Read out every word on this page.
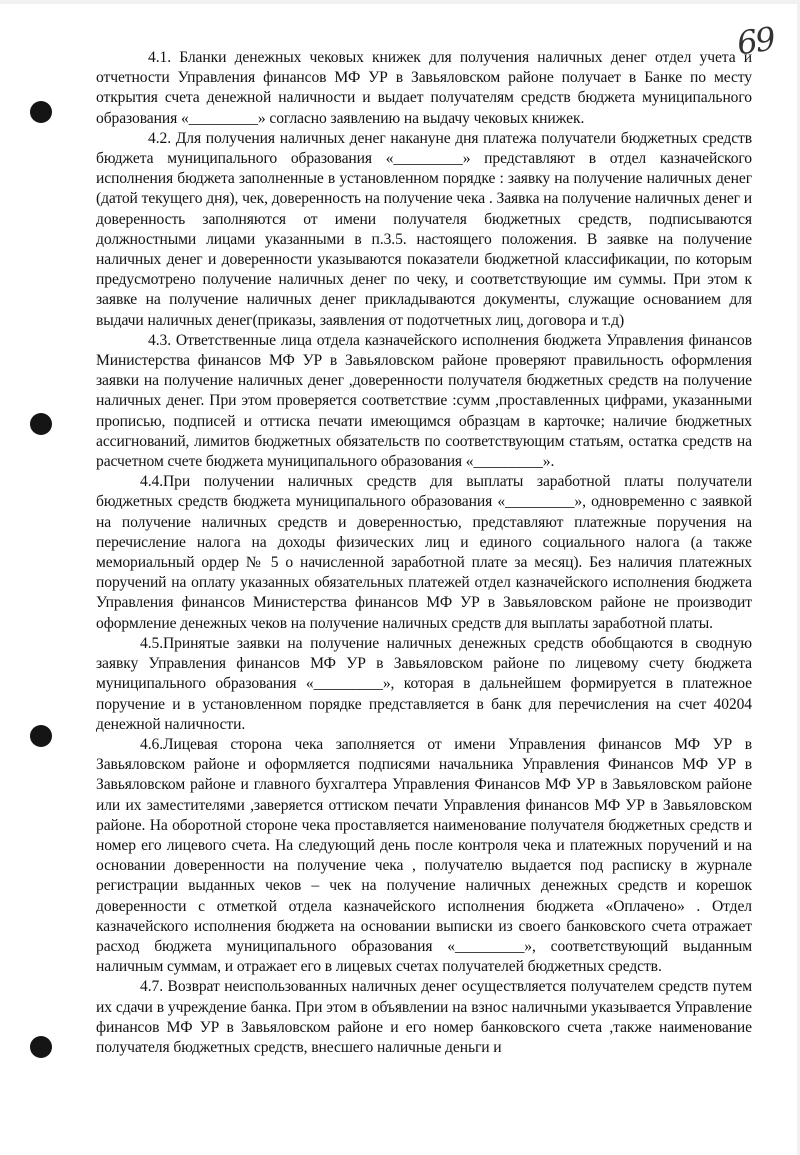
69

4.1. Бланки денежных чековых книжек для получения наличных денег отдел учета и отчетности Управления финансов МФ УР в Завьяловском районе получает в Банке по месту открытия счета денежной наличности и выдает получателям средств бюджета муниципального образования «_________» согласно заявлению на выдачу чековых книжек.

4.2. Для получения наличных денег накануне дня платежа получатели бюджетных средств бюджета муниципального образования «_________» представляют в отдел казначейского исполнения бюджета заполненные в установленном порядке : заявку на получение наличных денег (датой текущего дня), чек, доверенность на получение чека . Заявка на получение наличных денег и доверенность заполняются от имени получателя бюджетных средств, подписываются должностными лицами указанными в п.3.5. настоящего положения. В заявке на получение наличных денег и доверенности указываются показатели бюджетной классификации, по которым предусмотрено получение наличных денег по чеку, и соответствующие им суммы. При этом к заявке на получение наличных денег прикладываются документы, служащие основанием для выдачи наличных денег(приказы, заявления от подотчетных лиц, договора и т.д)

4.3. Ответственные лица отдела казначейского исполнения бюджета Управления финансов Министерства финансов МФ УР в Завьяловском районе проверяют правильность оформления заявки на получение наличных денег ,доверенности получателя бюджетных средств на получение наличных денег. При этом проверяется соответствие :сумм ,проставленных цифрами, указанными прописью, подписей и оттиска печати имеющимся образцам в карточке; наличие бюджетных ассигнований, лимитов бюджетных обязательств по соответствующим статьям, остатка средств на расчетном счете бюджета муниципального образования «_________».

4.4.При получении наличных средств для выплаты заработной платы получатели бюджетных средств бюджета муниципального образования «_________», одновременно с заявкой на получение наличных средств и доверенностью, представляют платежные поручения на перечисление налога на доходы физических лиц и единого социального налога (а также мемориальный ордер № 5 о начисленной заработной плате за месяц). Без наличия платежных поручений на оплату указанных обязательных платежей отдел казначейского исполнения бюджета Управления финансов Министерства финансов МФ УР в Завьяловском районе не производит оформление денежных чеков на получение наличных средств для выплаты заработной платы.

4.5.Принятые заявки на получение наличных денежных средств обобщаются в сводную заявку Управления финансов МФ УР в Завьяловском районе по лицевому счету бюджета муниципального образования «_________», которая в дальнейшем формируется в платежное поручение и в установленном порядке представляется в банк для перечисления на счет 40204 денежной наличности.

4.6.Лицевая сторона чека заполняется от имени Управления финансов МФ УР в Завьяловском районе и оформляется подписями начальника Управления Финансов МФ УР в Завьяловском районе и главного бухгалтера Управления Финансов МФ УР в Завьяловском районе или их заместителями ,заверяется оттиском печати Управления финансов МФ УР в Завьяловском районе. На оборотной стороне чека проставляется наименование получателя бюджетных средств и номер его лицевого счета. На следующий день после контроля чека и платежных поручений и на основании доверенности на получение чека , получателю выдается под расписку в журнале регистрации выданных чеков – чек на получение наличных денежных средств и корешок доверенности с отметкой отдела казначейского исполнения бюджета «Оплачено» . Отдел казначейского исполнения бюджета на основании выписки из своего банковского счета отражает расход бюджета муниципального образования «_________», соответствующий выданным наличным суммам, и отражает его в лицевых счетах получателей бюджетных средств.

4.7. Возврат неиспользованных наличных денег осуществляется получателем средств путем их сдачи в учреждение банка. При этом в объявлении на взнос наличными указывается Управление финансов МФ УР в Завьяловском районе и его номер банковского счета ,также наименование получателя бюджетных средств, внесшего наличные деньги и
